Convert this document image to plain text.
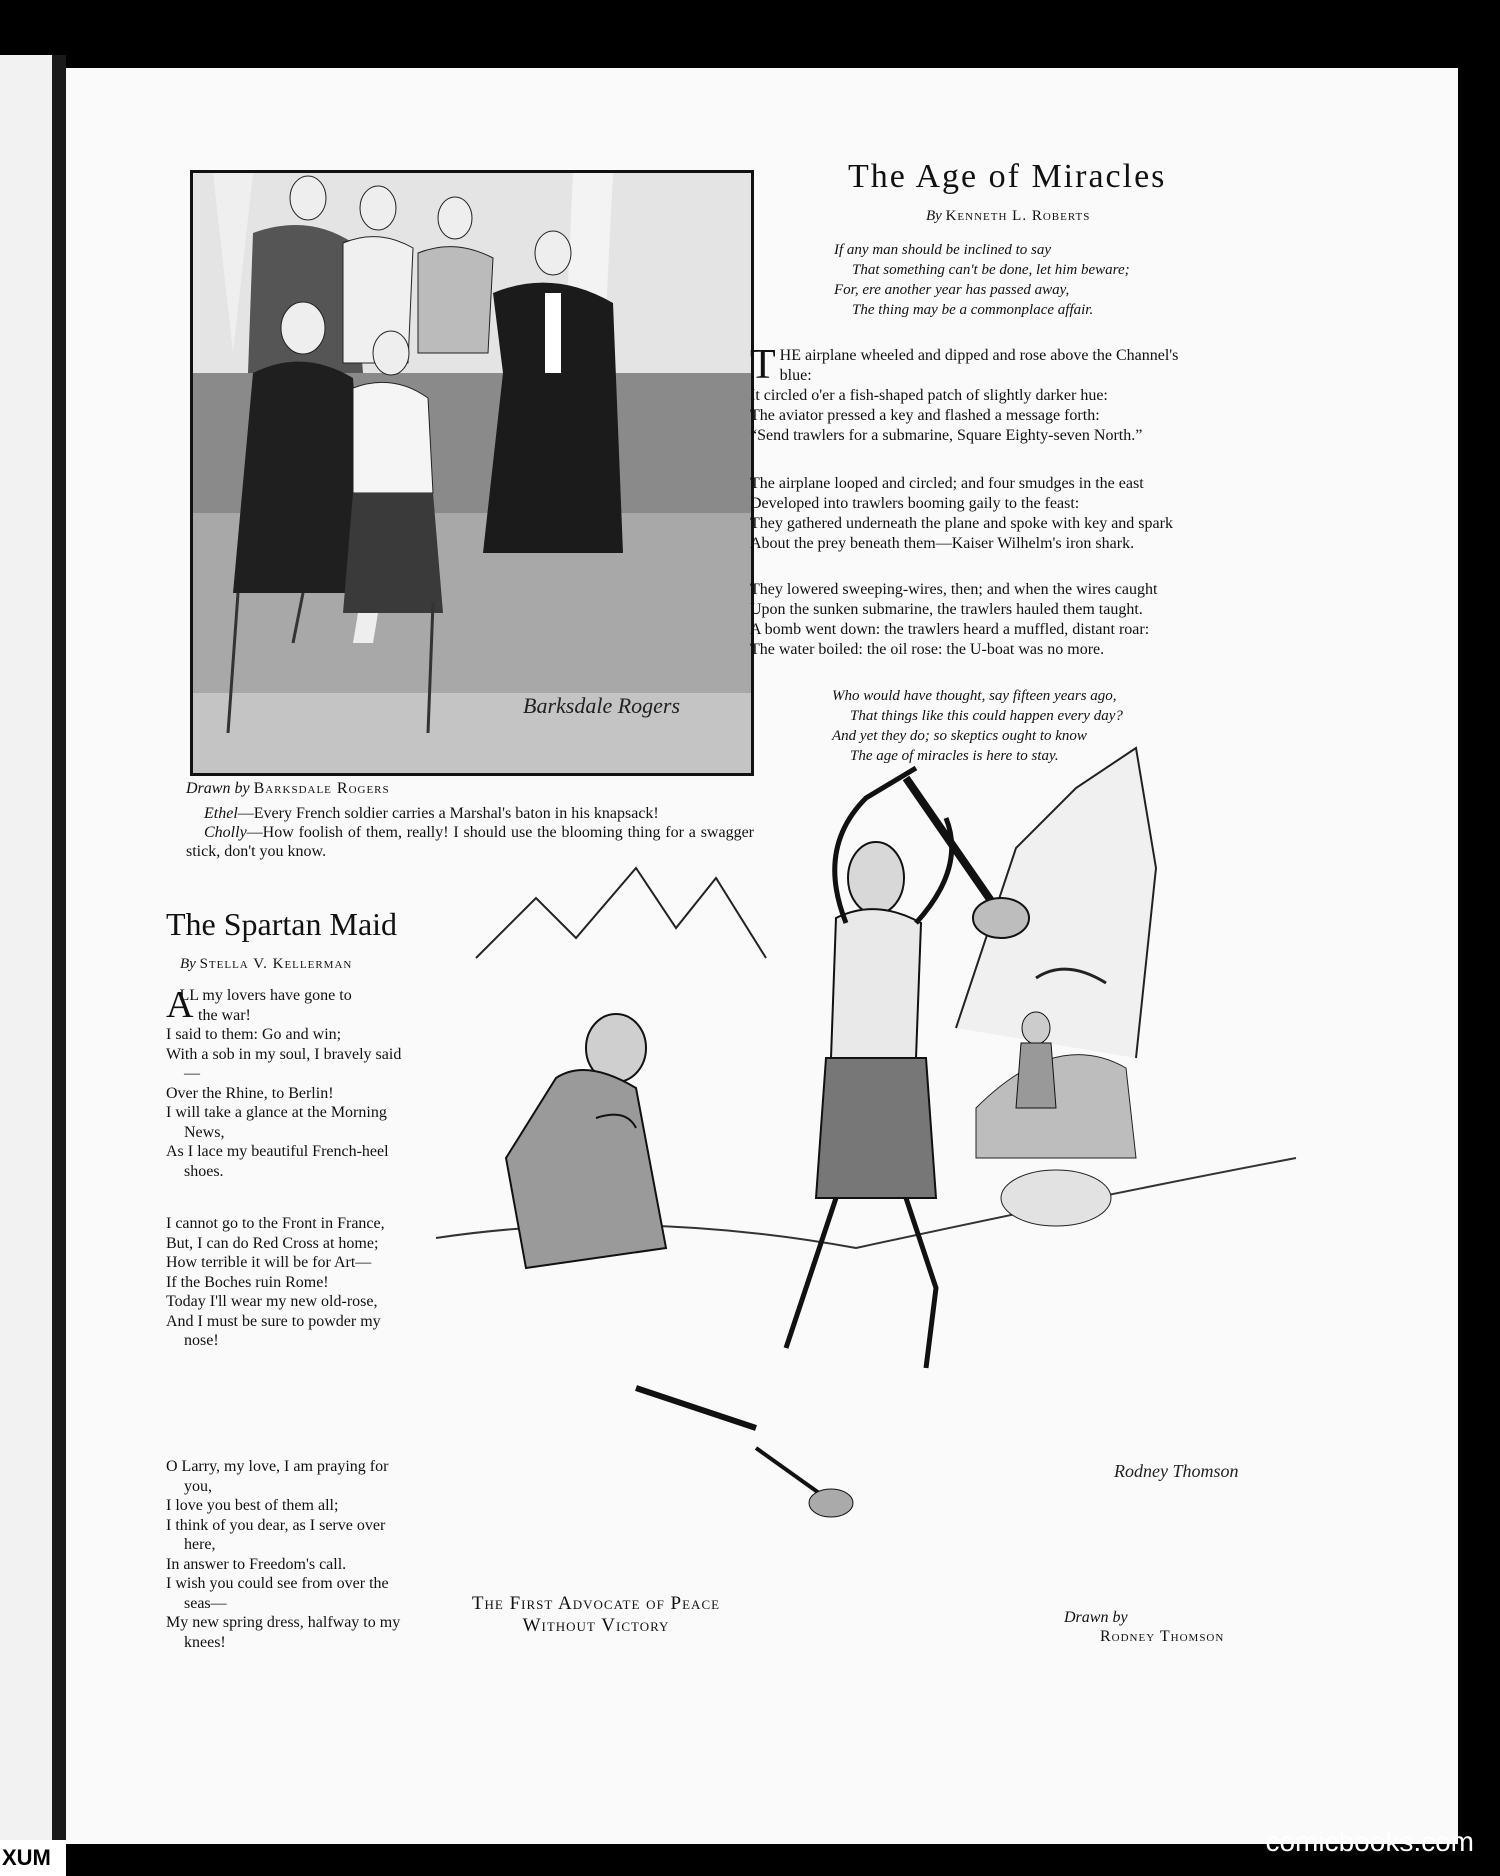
Barksdale Rogers
Drawn by Barksdale Rogers
Ethel—Every French soldier carries a Marshal's baton in his knapsack!
Cholly—How foolish of them, really! I should use the blooming thing for a swagger stick, don't you know.
The Age of Miracles
By Kenneth L. Roberts
If any man should be inclined to say
That something can't be done, let him beware;
For, ere another year has passed away,
The thing may be a commonplace affair.
T HE airplane wheeled and dipped and rose above the Channel's

blue:

It circled o'er a fish-shaped patch of slightly darker hue:

The aviator pressed a key and flashed a message forth:

“Send trawlers for a submarine, Square Eighty-seven North.”

The airplane looped and circled; and four smudges in the east

Developed into trawlers booming gaily to the feast:

They gathered underneath the plane and spoke with key and spark

About the prey beneath them—Kaiser Wilhelm's iron shark.

They lowered sweeping-wires, then; and when the wires caught

Upon the sunken submarine, the trawlers hauled them taught.

A bomb went down: the trawlers heard a muffled, distant roar:

The water boiled: the oil rose: the U-boat was no more.

Who would have thought, say fifteen years ago,
That things like this could happen every day?
And yet they do; so skeptics ought to know
The age of miracles is here to stay.
The Spartan Maid
By Stella V. Kellerman
A

LL my lovers have gone to

the war!

I said to them: Go and win;

With a sob in my soul, I bravely said—

Over the Rhine, to Berlin!

I will take a glance at the Morning News,

As I lace my beautiful French-heel shoes.

I cannot go to the Front in France,

But, I can do Red Cross at home;

How terrible it will be for Art—

If the Boches ruin Rome!

Today I'll wear my new old-rose,

And I must be sure to powder my nose!

O Larry, my love, I am praying for you,

I love you best of them all;

I think of you dear, as I serve over here,

In answer to Freedom's call.

I wish you could see from over the seas—

My new spring dress, halfway to my knees!

Rodney Thomson
The First Advocate of Peace
Without Victory	Drawn by
Rodney Thomson
XUM
comicbooks.com
